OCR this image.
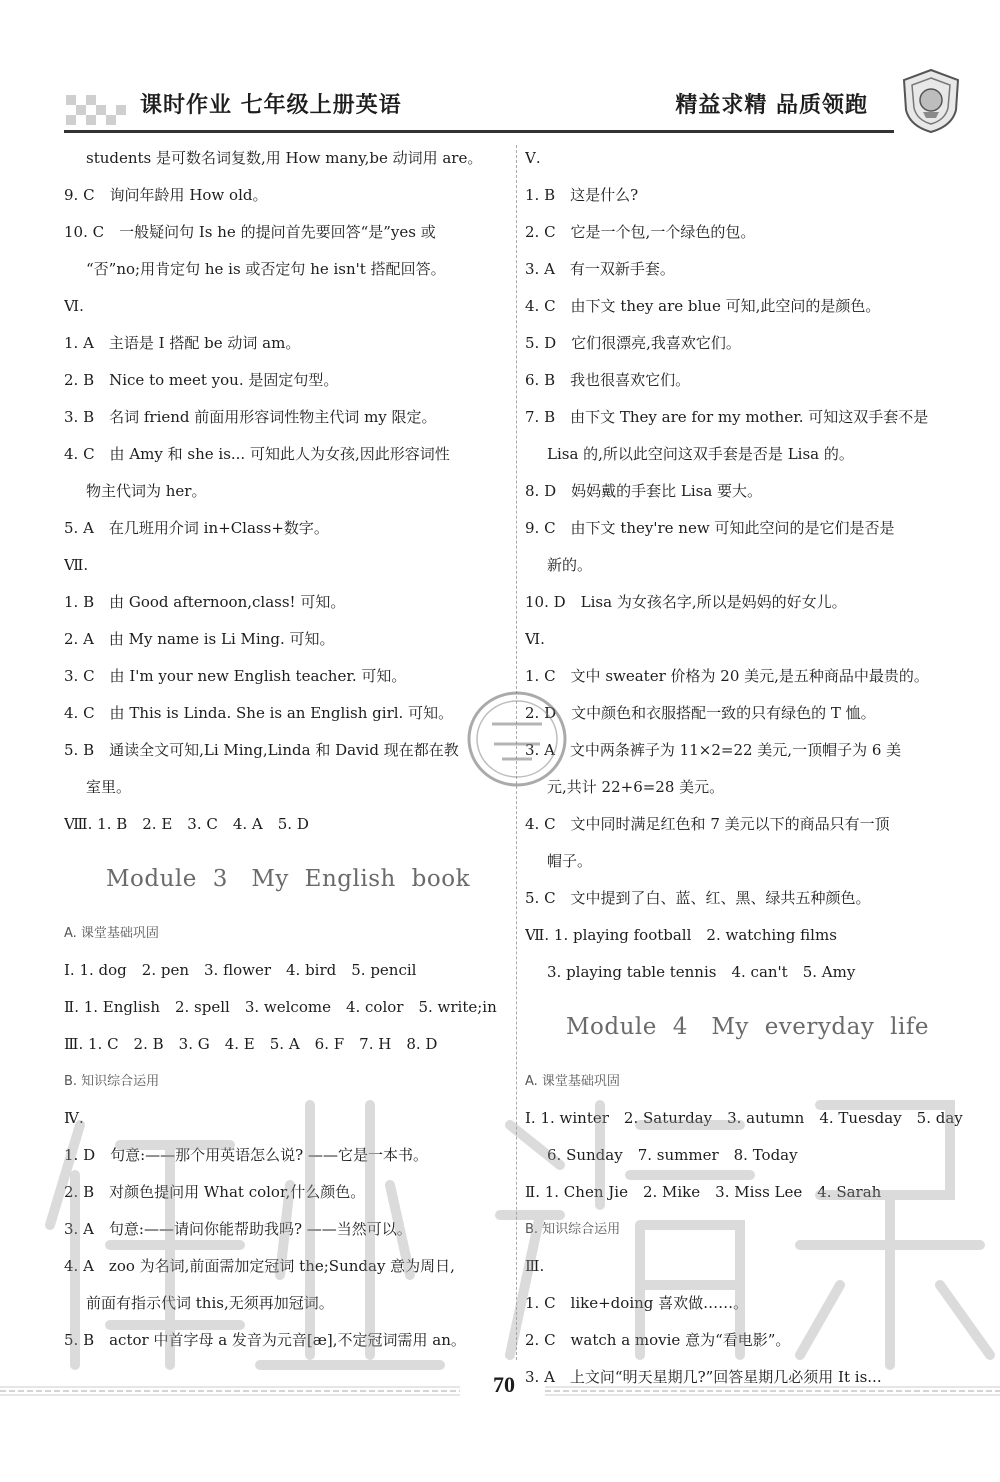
课时作业 七年级上册英语	精益求精 品质领跑
students 是可数名词复数,用 How many,be 动词用 are。
9. C　询问年龄用 How old。
10. C　一般疑问句 Is he 的提问首先要回答“是”yes 或
“否”no;用肯定句 he is 或否定句 he isn't 搭配回答。
Ⅵ.
1. A　主语是 I 搭配 be 动词 am。
2. B　Nice to meet you. 是固定句型。
3. B　名词 friend 前面用形容词性物主代词 my 限定。
4. C　由 Amy 和 she is... 可知此人为女孩,因此形容词性
物主代词为 her。
5. A　在几班用介词 in+Class+数字。
Ⅶ.
1. B　由 Good afternoon,class! 可知。
2. A　由 My name is Li Ming. 可知。
3. C　由 I'm your new English teacher. 可知。
4. C　由 This is Linda. She is an English girl. 可知。
5. B　通读全文可知,Li Ming,Linda 和 David 现在都在教
室里。
Ⅷ. 1. B　2. E　3. C　4. A　5. D
Module 3　My English book
A. 课堂基础巩固
Ⅰ. 1. dog　2. pen　3. flower　4. bird　5. pencil
Ⅱ. 1. English　2. spell　3. welcome　4. color　5. write;in
Ⅲ. 1. C　2. B　3. G　4. E　5. A　6. F　7. H　8. D
B. 知识综合运用
Ⅳ.
1. D　句意:——那个用英语怎么说? ——它是一本书。
2. B　对颜色提问用 What color,什么颜色。
3. A　句意:——请问你能帮助我吗? ——当然可以。
4. A　zoo 为名词,前面需加定冠词 the;Sunday 意为周日,
前面有指示代词 this,无须再加冠词。
5. B　actor 中首字母 a 发音为元音[æ],不定冠词需用 an。
Ⅴ.
1. B　这是什么?
2. C　它是一个包,一个绿色的包。
3. A　有一双新手套。
4. C　由下文 they are blue 可知,此空问的是颜色。
5. D　它们很漂亮,我喜欢它们。
6. B　我也很喜欢它们。
7. B　由下文 They are for my mother. 可知这双手套不是
Lisa 的,所以此空问这双手套是否是 Lisa 的。
8. D　妈妈戴的手套比 Lisa 要大。
9. C　由下文 they're new 可知此空问的是它们是否是
新的。
10. D　Lisa 为女孩名字,所以是妈妈的好女儿。
Ⅵ.
1. C　文中 sweater 价格为 20 美元,是五种商品中最贵的。
2. D　文中颜色和衣服搭配一致的只有绿色的 T 恤。
3. A　文中两条裤子为 11×2=22 美元,一顶帽子为 6 美
元,共计 22+6=28 美元。
4. C　文中同时满足红色和 7 美元以下的商品只有一顶
帽子。
5. C　文中提到了白、蓝、红、黑、绿共五种颜色。
Ⅶ. 1. playing football　2. watching films
3. playing table tennis　4. can't　5. Amy
Module 4　My everyday life
A. 课堂基础巩固
Ⅰ. 1. winter　2. Saturday　3. autumn　4. Tuesday　5. day
6. Sunday　7. summer　8. Today
Ⅱ. 1. Chen Jie　2. Mike　3. Miss Lee　4. Sarah
B. 知识综合运用
Ⅲ.
1. C　like+doing 喜欢做……。
2. C　watch a movie 意为“看电影”。
3. A　上文问“明天星期几?”回答星期几必须用 It is...
70
